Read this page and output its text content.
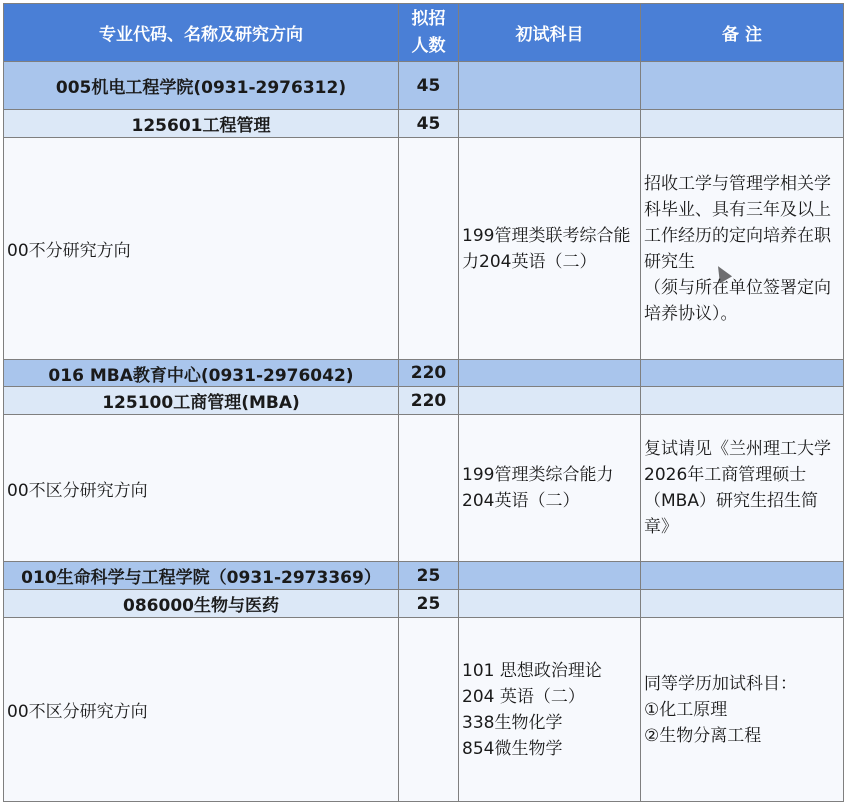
专业代码、名称及研究方向	拟招
人数	初试科目	备 注
005机电工程学院(0931-2976312)	45		
125601工程管理	45		
00不分研究方向		199管理类联考综合能力204英语（二）	招收工学与管理学相关学科毕业、具有三年及以上工作经历的定向培养在职研究生
（须与所在单位签署定向培养协议）。
016 MBA教育中心(0931-2976042)	220		
125100工商管理(MBA)	220		
00不区分研究方向		199管理类综合能力204英语（二）	复试请见《兰州理工大学2026年工商管理硕士（MBA）研究生招生简章》
010生命科学与工程学院（0931-2973369）	25		
086000生物与医药	25		
00不区分研究方向		101 思想政治理论
204 英语（二）
338生物化学
854微生物学	同等学历加试科目：
①化工原理
②生物分离工程
